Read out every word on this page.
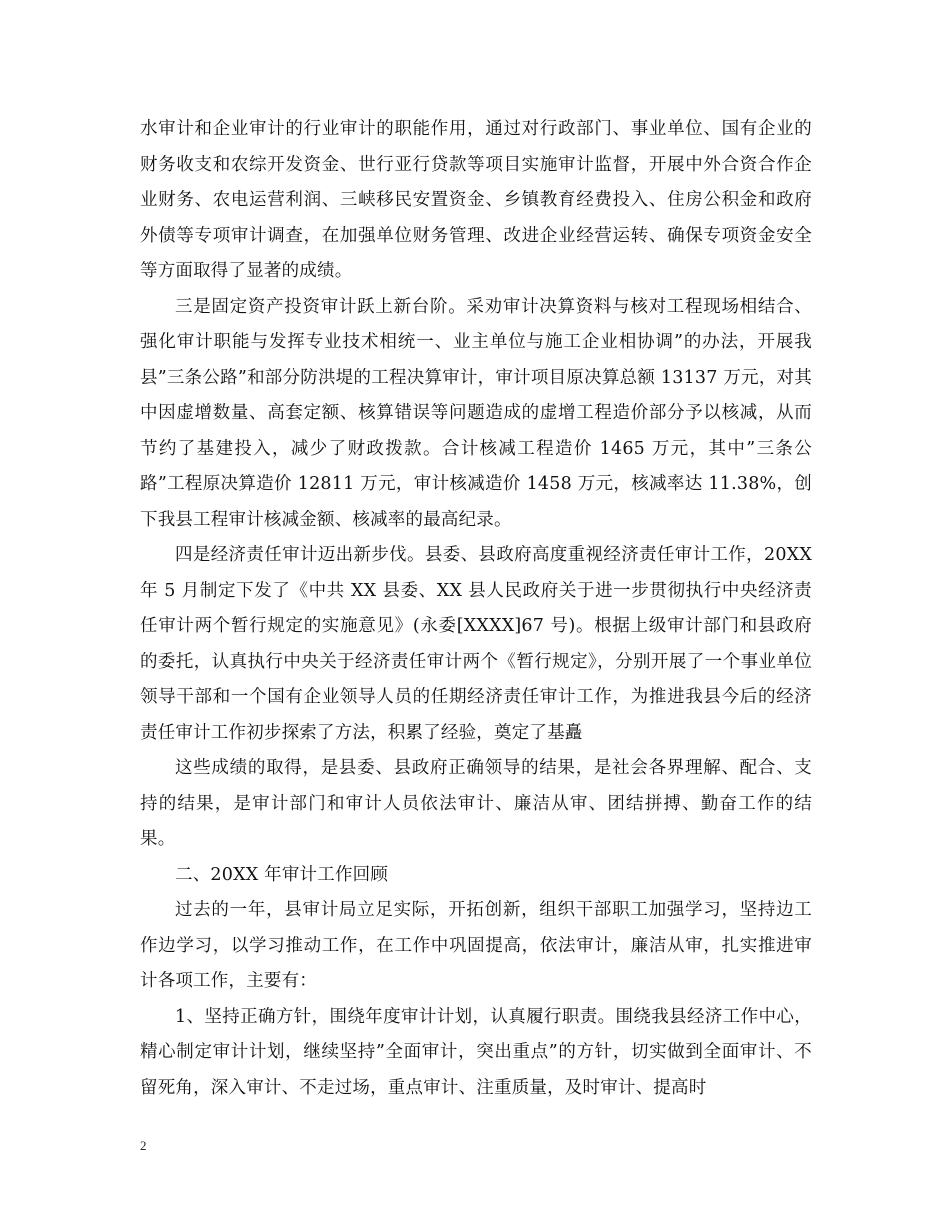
水审计和企业审计的行业审计的职能作用，通过对行政部门、事业单位、国有企业的财务收支和农综开发资金、世行亚行贷款等项目实施审计监督，开展中外合资合作企业财务、农电运营利润、三峡移民安置资金、乡镇教育经费投入、住房公积金和政府外债等专项审计调查，在加强单位财务管理、改进企业经营运转、确保专项资金安全等方面取得了显著的成绩。

三是固定资产投资审计跃上新台阶。采劝审计决算资料与核对工程现场相结合、强化审计职能与发挥专业技术相统一、业主单位与施工企业相协调”的办法，开展我县”三条公路”和部分防洪堤的工程决算审计，审计项目原决算总额 13137 万元，对其中因虚增数量、高套定额、核算错误等问题造成的虚增工程造价部分予以核减，从而节约了基建投入，减少了财政拨款。合计核减工程造价 1465 万元，其中”三条公路”工程原决算造价 12811 万元，审计核减造价 1458 万元，核减率达 11.38%，创下我县工程审计核减金额、核减率的最高纪录。

四是经济责任审计迈出新步伐。县委、县政府高度重视经济责任审计工作，20XX 年 5 月制定下发了《中共 XX 县委、XX 县人民政府关于进一步贯彻执行中央经济责任审计两个暂行规定的实施意见》(永委[XXXX]67 号)。根据上级审计部门和县政府的委托，认真执行中央关于经济责任审计两个《暂行规定》，分别开展了一个事业单位领导干部和一个国有企业领导人员的任期经济责任审计工作，为推进我县今后的经济责任审计工作初步探索了方法，积累了经验，奠定了基矗

这些成绩的取得，是县委、县政府正确领导的结果，是社会各界理解、配合、支持的结果，是审计部门和审计人员依法审计、廉洁从审、团结拼搏、勤奋工作的结果。

二、20XX 年审计工作回顾

过去的一年，县审计局立足实际，开拓创新，组织干部职工加强学习，坚持边工作边学习，以学习推动工作，在工作中巩固提高，依法审计，廉洁从审，扎实推进审计各项工作，主要有：

1、坚持正确方针，围绕年度审计计划，认真履行职责。围绕我县经济工作中心，精心制定审计计划，继续坚持”全面审计，突出重点”的方针，切实做到全面审计、不留死角，深入审计、不走过场，重点审计、注重质量，及时审计、提高时

2
